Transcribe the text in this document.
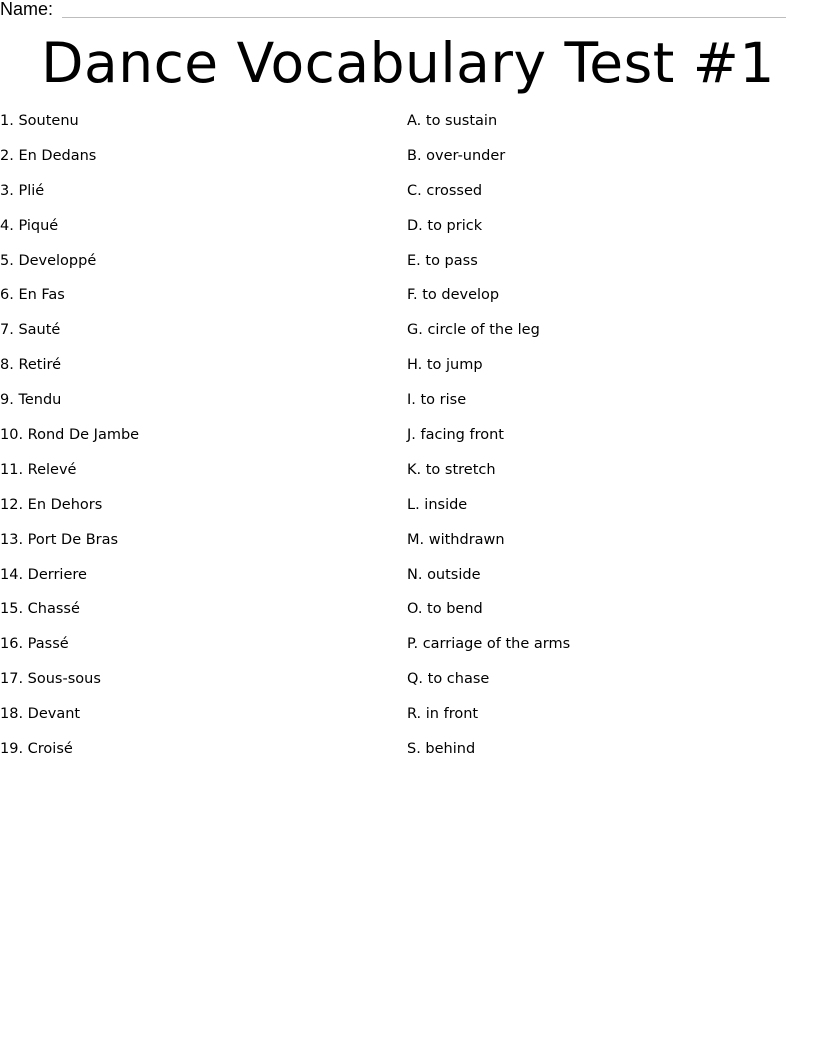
Name:
Dance Vocabulary Test #1
1. Soutenu
2. En Dedans
3. Plié
4. Piqué
5. Developpé
6. En Fas
7. Sauté
8. Retiré
9. Tendu
10. Rond De Jambe
11. Relevé
12. En Dehors
13. Port De Bras
14. Derriere
15. Chassé
16. Passé
17. Sous-sous
18. Devant
19. Croisé
A. to sustain
B. over-under
C. crossed
D. to prick
E. to pass
F. to develop
G. circle of the leg
H. to jump
I. to rise
J. facing front
K. to stretch
L. inside
M. withdrawn
N. outside
O. to bend
P. carriage of the arms
Q. to chase
R. in front
S. behind
